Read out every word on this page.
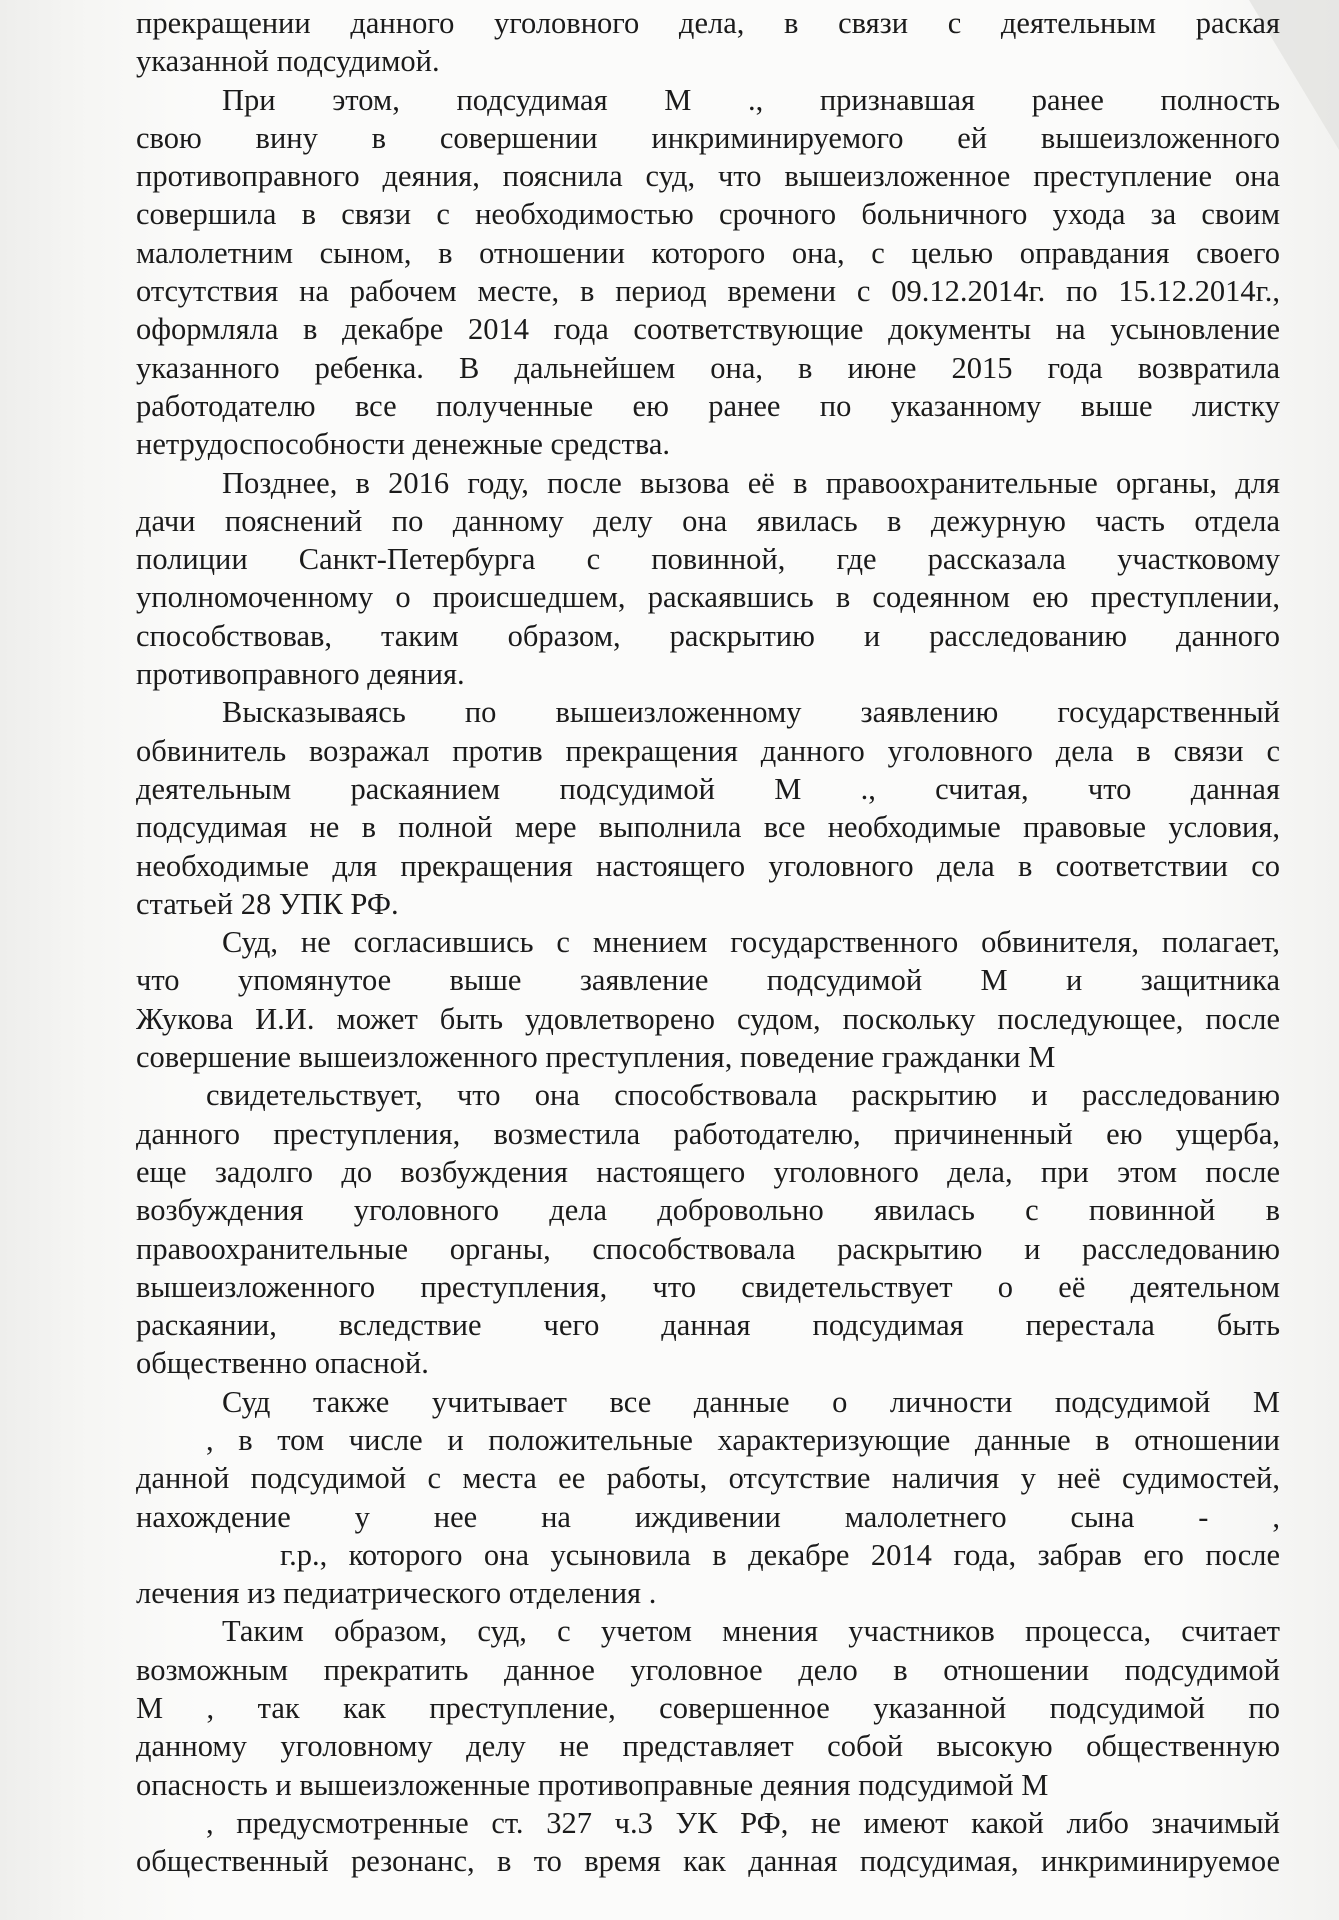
прекращении данного уголовного дела, в связи с деятельным раская
указанной подсудимой.
При этом, подсудимая М ., признавшая ранее полность
свою вину в совершении инкриминируемого ей вышеизложенного
противоправного деяния, пояснила суд, что вышеизложенное преступление она
совершила в связи с необходимостью срочного больничного ухода за своим
малолетним сыном, в отношении которого она, с целью оправдания своего
отсутствия на рабочем месте, в период времени с 09.12.2014г. по 15.12.2014г.,
оформляла в декабре 2014 года соответствующие документы на усыновление
указанного ребенка. В дальнейшем она, в июне 2015 года возвратила
работодателю все полученные ею ранее по указанному выше листку
нетрудоспособности денежные средства.
Позднее, в 2016 году, после вызова её в правоохранительные органы, для
дачи пояснений по данному делу она явилась в дежурную часть отдела
полиции Санкт-Петербурга с повинной, где рассказала участковому
уполномоченному о происшедшем, раскаявшись в содеянном ею преступлении,
способствовав, таким образом, раскрытию и расследованию данного
противоправного деяния.
Высказываясь по вышеизложенному заявлению государственный
обвинитель возражал против прекращения данного уголовного дела в связи с
деятельным раскаянием подсудимой М ., считая, что данная
подсудимая не в полной мере выполнила все необходимые правовые условия,
необходимые для прекращения настоящего уголовного дела в соответствии со
статьей 28 УПК РФ.
Суд, не согласившись с мнением государственного обвинителя, полагает,
что упомянутое выше заявление подсудимой М и защитника
Жукова И.И. может быть удовлетворено судом, поскольку последующее, после
совершение вышеизложенного преступления, поведение гражданки М
свидетельствует, что она способствовала раскрытию и расследованию
данного преступления, возместила работодателю, причиненный ею ущерба,
еще задолго до возбуждения настоящего уголовного дела, при этом после
возбуждения уголовного дела добровольно явилась с повинной в
правоохранительные органы, способствовала раскрытию и расследованию
вышеизложенного преступления, что свидетельствует о её деятельном
раскаянии, вследствие чего данная подсудимая перестала быть
общественно опасной.
Суд также учитывает все данные о личности подсудимой М
, в том числе и положительные характеризующие данные в отношении
данной подсудимой с места ее работы, отсутствие наличия у неё судимостей,
нахождение у нее на иждивении малолетнего сына - ,
г.р., которого она усыновила в декабре 2014 года, забрав его после
лечения из педиатрического отделения .
Таким образом, суд, с учетом мнения участников процесса, считает
возможным прекратить данное уголовное дело в отношении подсудимой
М , так как преступление, совершенное указанной подсудимой по
данному уголовному делу не представляет собой высокую общественную
опасность и вышеизложенные противоправные деяния подсудимой М
, предусмотренные ст. 327 ч.3 УК РФ, не имеют какой либо значимый
общественный резонанс, в то время как данная подсудимая, инкриминируемое
